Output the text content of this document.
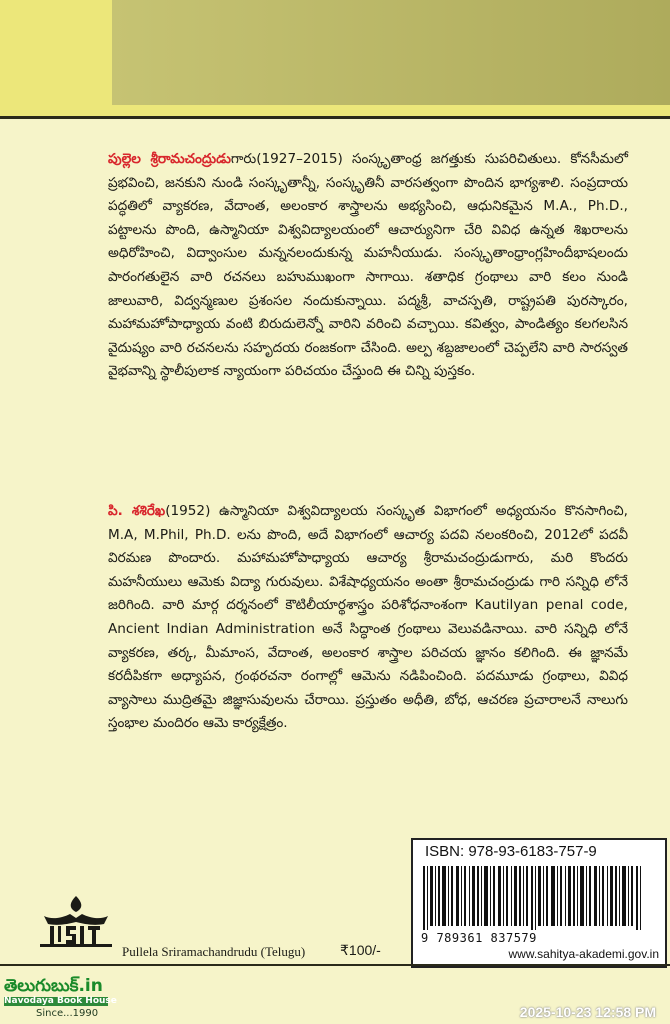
పుల్లెల శ్రీరామచంద్రుడుగారు(1927–2015) సంస్కృతాంధ్ర జగత్తుకు సుపరిచితులు. కోనసీమలో ప్రభవించి, జనకుని నుండి సంస్కృతాన్నీ, సంస్కృతినీ వారసత్వంగా పొందిన భాగ్యశాలి. సంప్రదాయ పద్ధతిలో వ్యాకరణ, వేదాంత, అలంకార శాస్త్రాలను అభ్యసించి, ఆధునికమైన M.A., Ph.D., పట్టాలను పొంది, ఉస్మానియా విశ్వవిద్యాలయంలో ఆచార్యునిగా చేరి వివిధ ఉన్నత శిఖరాలను అధిరోహించి, విద్వాంసుల మన్ననలందుకున్న మహనీయుడు. సంస్కృతాంధ్రాంగ్లహిందీభాషలందు పారంగతులైన వారి రచనలు బహుముఖంగా సాగాయి. శతాధిక గ్రంథాలు వారి కలం నుండి జాలువారి, విద్వన్మణుల ప్రశంసల నందుకున్నాయి. పద్మశ్రీ, వాచస్పతి, రాష్ట్రపతి పురస్కారం, మహామహోపాధ్యాయ వంటి బిరుదులెన్నో వారిని వరించి వచ్చాయి. కవిత్వం, పాండిత్యం కలగలసిన వైదుష్యం వారి రచనలను సహృదయ రంజకంగా చేసింది. అల్ప శబ్దజాలంలో చెప్పలేని వారి సారస్వత వైభవాన్ని స్థాలీపులాక న్యాయంగా పరిచయం చేస్తుంది ఈ చిన్ని పుస్తకం.
పి. శశిరేఖ(1952) ఉస్మానియా విశ్వవిద్యాలయ సంస్కృత విభాగంలో అధ్యయనం కొనసాగించి, M.A, M.Phil, Ph.D. లను పొంది, అదే విభాగంలో ఆచార్య పదవి నలంకరించి, 2012లో పదవీ విరమణ పొందారు. మహామహోపాధ్యాయ ఆచార్య శ్రీరామచంద్రుడుగారు, మరి కొందరు మహనీయులు ఆమెకు విద్యా గురువులు. విశేషాధ్యయనం అంతా శ్రీరామచంద్రుడు గారి సన్నిధి లోనే జరిగింది. వారి మార్గ దర్శనంలో కౌటిలీయార్థశాస్త్రం పరిశోధనాంశంగా Kautilyan penal code, Ancient Indian Administration అనే సిద్ధాంత గ్రంథాలు వెలువడినాయి. వారి సన్నిధి లోనే వ్యాకరణ, తర్క, మీమాంస, వేదాంత, అలంకార శాస్త్రాల పరిచయ జ్ఞానం కలిగింది. ఈ జ్ఞానమే కరదీపికగా అధ్యాపన, గ్రంథరచనా రంగాల్లో ఆమెను నడిపించింది. పదమూడు గ్రంథాలు, వివిధ వ్యాసాలు ముద్రితమై జిజ్ఞాసువులను చేరాయి. ప్రస్తుతం అధీతి, బోధ, ఆచరణ ప్రచారాలనే నాలుగు స్తంభాల మందిరం ఆమె కార్యక్షేత్రం.
ISBN: 978-93-6183-757-9
9 789361 837579
www.sahitya-akademi.gov.in
Pullela Sriramachandrudu (Telugu) ₹100/-
తెలుగుబుక్.in
Navodaya Book House
Since...1990	2025-10-23 12:58 PM
